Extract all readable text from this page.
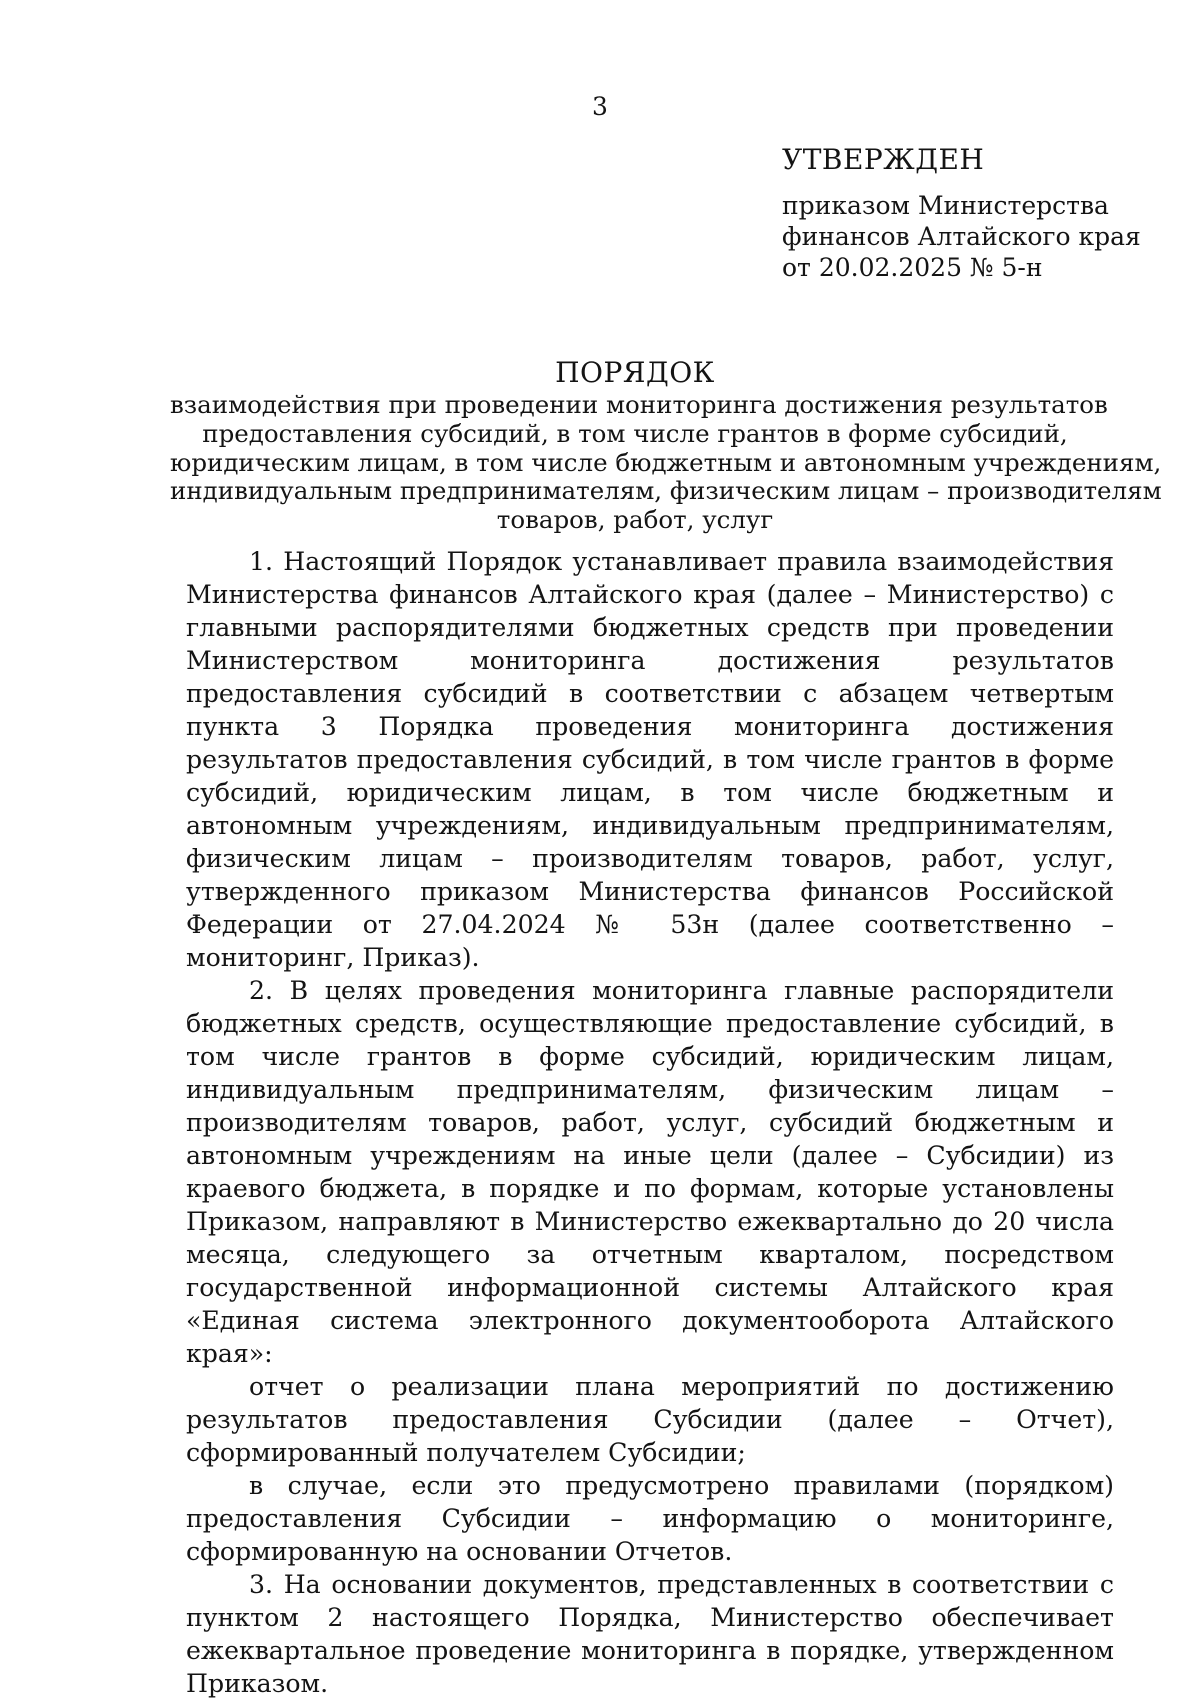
3
УТВЕРЖДЕН
приказом Министерства
финансов Алтайского края
от 20.02.2025 № 5-н
ПОРЯДОК
взаимодействия при проведении мониторинга достижения результатов
предоставления субсидий, в том числе грантов в форме субсидий,
юридическим лицам, в том числе бюджетным и автономным учреждениям,
индивидуальным предпринимателям, физическим лицам – производителям
товаров, работ, услуг

1. Настоящий Порядок устанавливает правила взаимодействия Министерства финансов Алтайского края (далее – Министерство) с главными распорядителями бюджетных средств при проведении Министерством мониторинга достижения результатов предоставления субсидий в соответствии с абзацем четвертым пункта 3 Порядка проведения мониторинга достижения результатов предоставления субсидий, в том числе грантов в форме субсидий, юридическим лицам, в том числе бюджетным и автономным учреждениям, индивидуальным предпринимателям, физическим лицам – производителям товаров, работ, услуг, утвержденного приказом Министерства финансов Российской Федерации от 27.04.2024 № 53н (далее соответственно – мониторинг, Приказ).

2. В целях проведения мониторинга главные распорядители бюджетных средств, осуществляющие предоставление субсидий, в том числе грантов в форме субсидий, юридическим лицам, индивидуальным предпринимателям, физическим лицам – производителям товаров, работ, услуг, субсидий бюджетным и автономным учреждениям на иные цели (далее – Субсидии) из краевого бюджета, в порядке и по формам, которые установлены Приказом, направляют в Министерство ежеквартально до 20 числа месяца, следующего за отчетным кварталом, посредством государственной информационной системы Алтайского края «Единая система электронного документооборота Алтайского края»:

отчет о реализации плана мероприятий по достижению результатов предоставления Субсидии (далее – Отчет), сформированный получателем Субсидии;

в случае, если это предусмотрено правилами (порядком) предоставления Субсидии – информацию о мониторинге, сформированную на основании Отчетов.

3. На основании документов, представленных в соответствии с пунктом 2 настоящего Порядка, Министерство обеспечивает ежеквартальное проведение мониторинга в порядке, утвержденном Приказом.
